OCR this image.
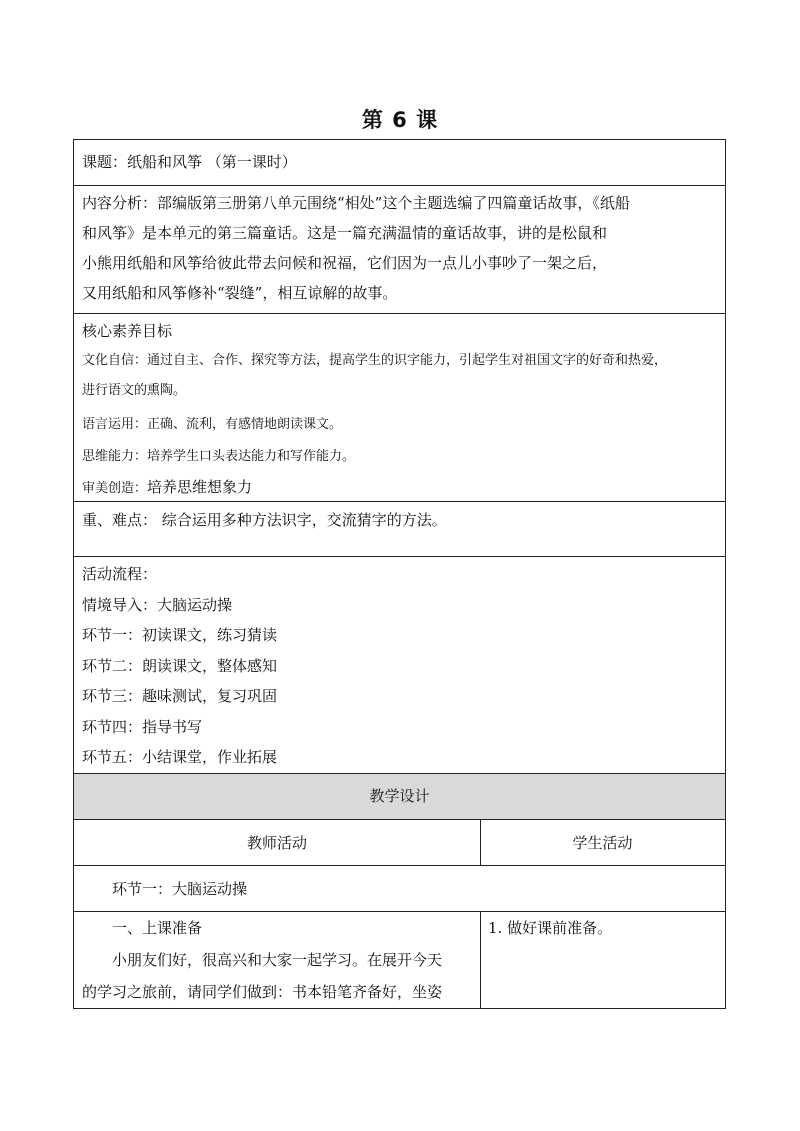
第 6 课
课题：纸船和风筝 （第一课时）
内容分析：部编版第三册第八单元围绕“相处”这个主题选编了四篇童话故事，《纸船
和风筝》是本单元的第三篇童话。这是一篇充满温情的童话故事，讲的是松鼠和
小熊用纸船和风筝给彼此带去问候和祝福，它们因为一点儿小事吵了一架之后，
又用纸船和风筝修补“裂缝”，相互谅解的故事。
核心素养目标
文化自信：通过自主、合作、探究等方法，提高学生的识字能力，引起学生对祖国文字的好奇和热爱，
进行语文的熏陶。
语言运用：正确、流利，有感情地朗读课文。
思维能力：培养学生口头表达能力和写作能力。
审美创造：培养思维想象力
重、难点： 综合运用多种方法识字，交流猜字的方法。
活动流程：
情境导入：大脑运动操
环节一：初读课文，练习猜读
环节二：朗读课文，整体感知
环节三：趣味测试，复习巩固
环节四：指导书写
环节五：小结课堂，作业拓展
教学设计
教师活动	学生活动
环节一：大脑运动操
一、上课准备
小朋友们好，很高兴和大家一起学习。在展开今天
的学习之旅前，请同学们做到：书本铅笔齐备好，坐姿
1. 做好课前准备。
